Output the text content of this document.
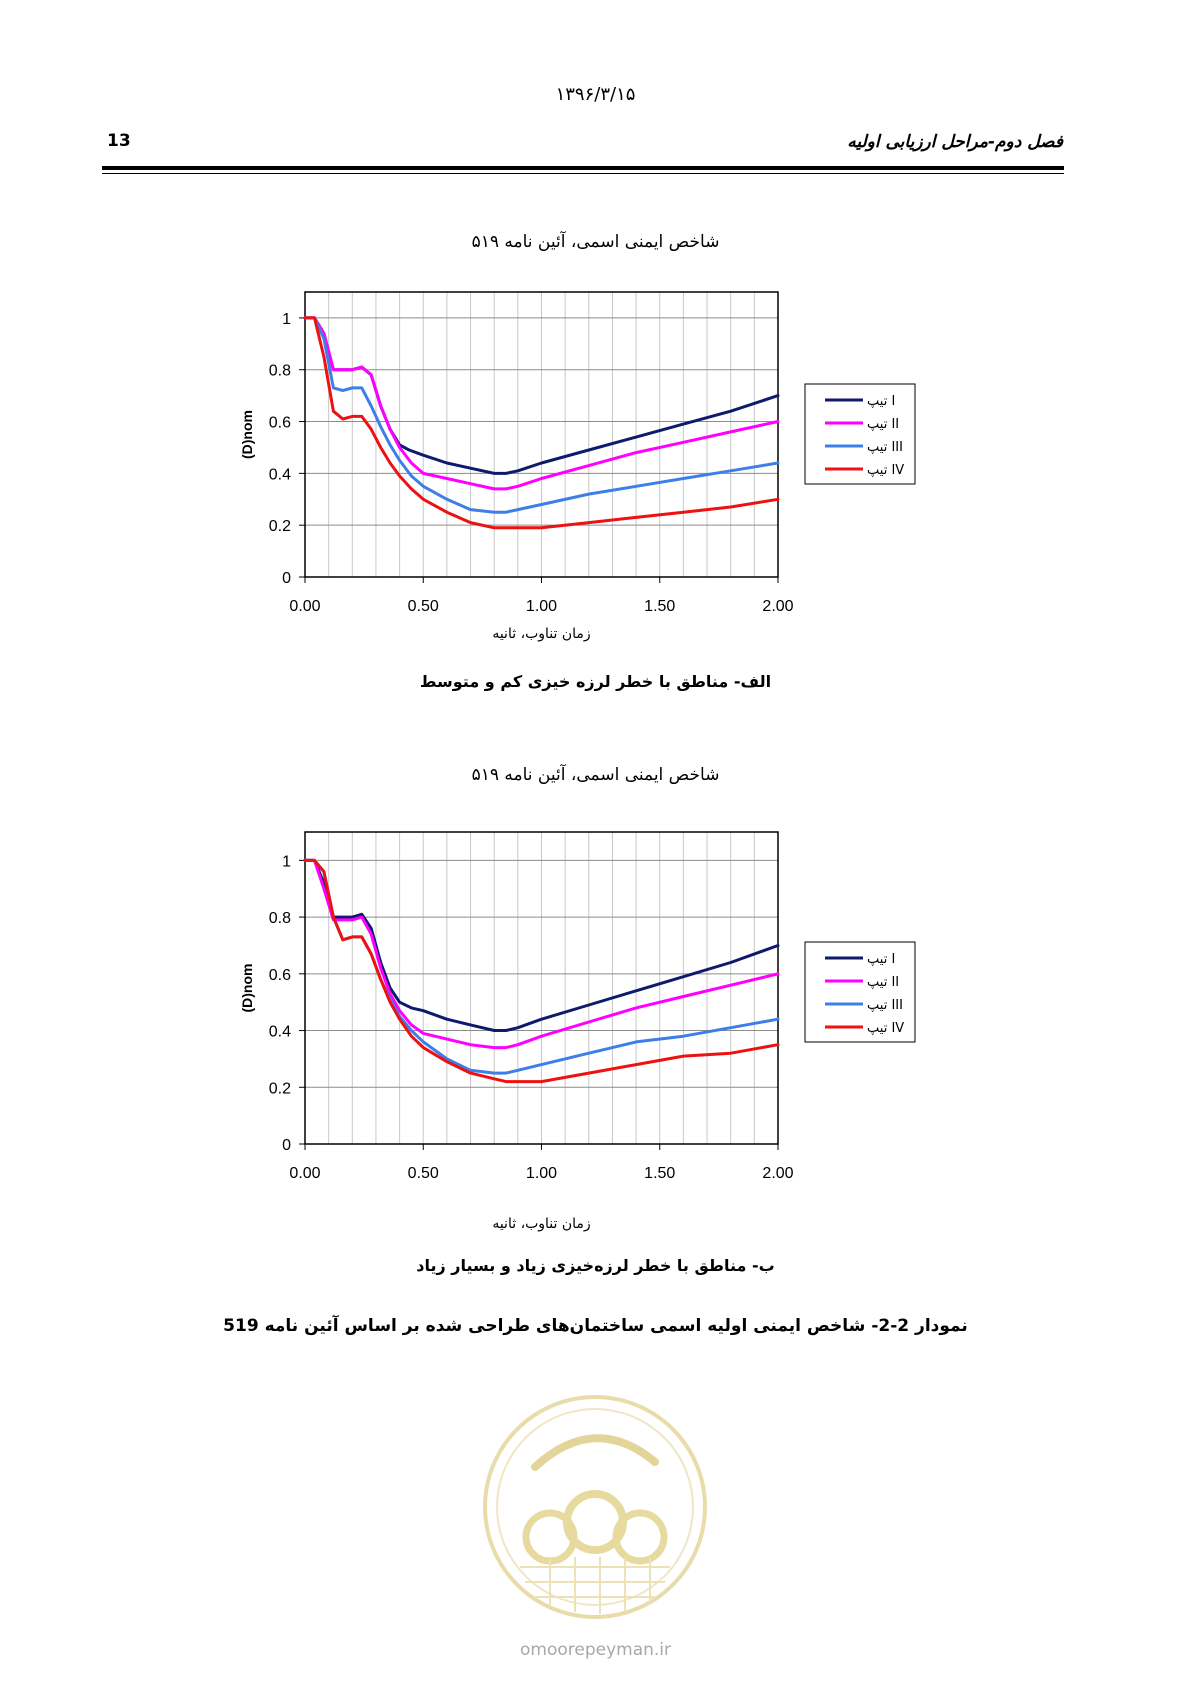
۱۳۹۶/۳/۱۵
13	فصل دوم-مراحل ارزيابی اوليه
شاخص ايمنی اسمی، آئين نامه ۵۱۹
0
0.2
0.4
0.6
0.8
1
0.00	0.50	1.00	1.50	2.00
زمان تناوب، ثانيه
(D)nom
تيپ I
تيپ II
تيپ III
تيپ IV
الف- مناطق با خطر لرزه خيزی كم و متوسط
شاخص ايمنی اسمی، آئين نامه ۵۱۹
0
0.2
0.4
0.6
0.8
1
0.00	0.50	1.00	1.50	2.00
زمان تناوب، ثانيه
(D)nom
تيپ I
تيپ II
تيپ III
تيپ IV
ب- مناطق با خطر لرزه‌خيزی زياد و بسيار زياد
نمودار 2-2- شاخص ايمنی اوليه اسمی ساختمان‌های طراحی شده بر اساس آئين نامه 519
omoorepeyman.ir
